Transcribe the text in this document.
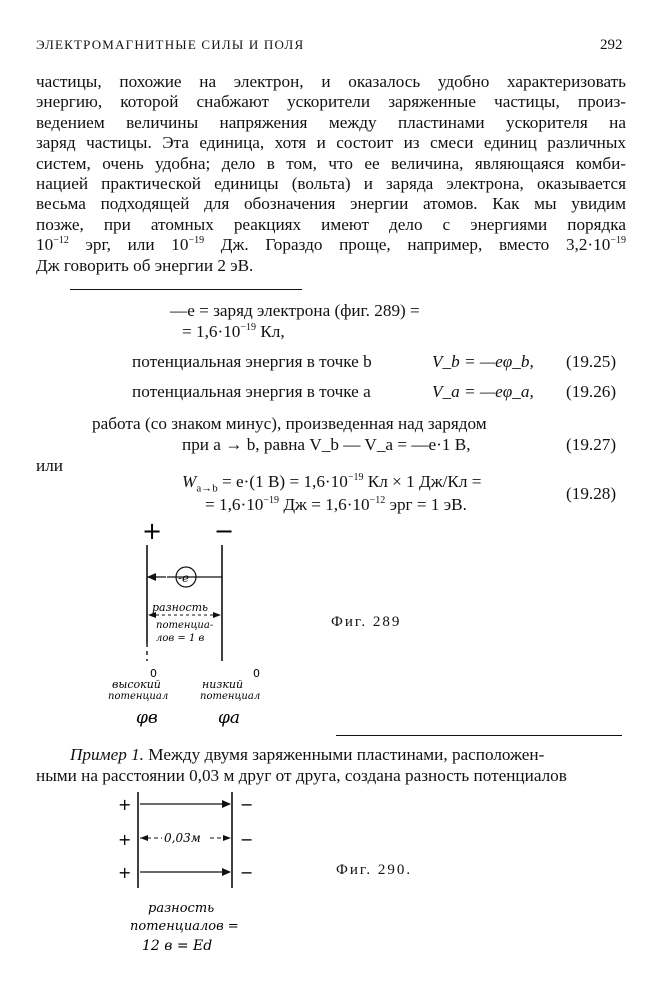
ЭЛЕКТРОМАГНИТНЫЕ СИЛЫ И ПОЛЯ	292
частицы, похожие на электрон, и оказалось удобно характеризовать
энергию, которой снабжают ускорители заряженные частицы, произ-
ведением величины напряжения между пластинами ускорителя на
заряд частицы. Эта единица, хотя и состоит из смеси единиц различных
систем, очень удобна; дело в том, что ее величина, являющаяся комби-
нацией практической единицы (вольта) и заряда электрона, оказывается
весьма подходящей для обозначения энергии атомов. Как мы увидим
позже, при атомных реакциях имеют дело с энергиями порядка
$10^{-12}$ эрг, или $10^{-19}$ Дж. Гораздо проще, например, вместо $3,2\cdot 10^{-19}$
Дж говорить об энергии 2 эВ.
—e = заряд электрона (фиг. 289) =
= $1,6\cdot 10^{-19}$ Кл,
потенциальная энергия в точке b	V_b = —eφ_b, (19.25)
потенциальная энергия в точке a	V_a = —eφ_a, (19.26)
работа (со знаком минус), произведенная над зарядом
при a → b, равна V_b — V_a = —e·1 В,	(19.27)
или
$W_{a\to b} = e\cdot(1$ $В) = 1,6\cdot 10^{-19}$ Кл × 1 Дж/Кл =
= $1,6\cdot 10^{-19}$ Дж = $1,6\cdot 10^{-12}$ эрг = 1 эВ.
(19.28)
+ −
-e
разность
потенциа-
лов = 1 в
0	0
высокий
потенциал
низкий
потенциал
φв	φa
Фиг. 289
Пример 1. Между двумя заряженными пластинами, расположен-
ными на расстоянии 0,03 м друг от друга, создана разность потенциалов
+
+
+
−
−
−
0,03м
разность
потенциалов =
12 в = Ed
Фиг. 290.
